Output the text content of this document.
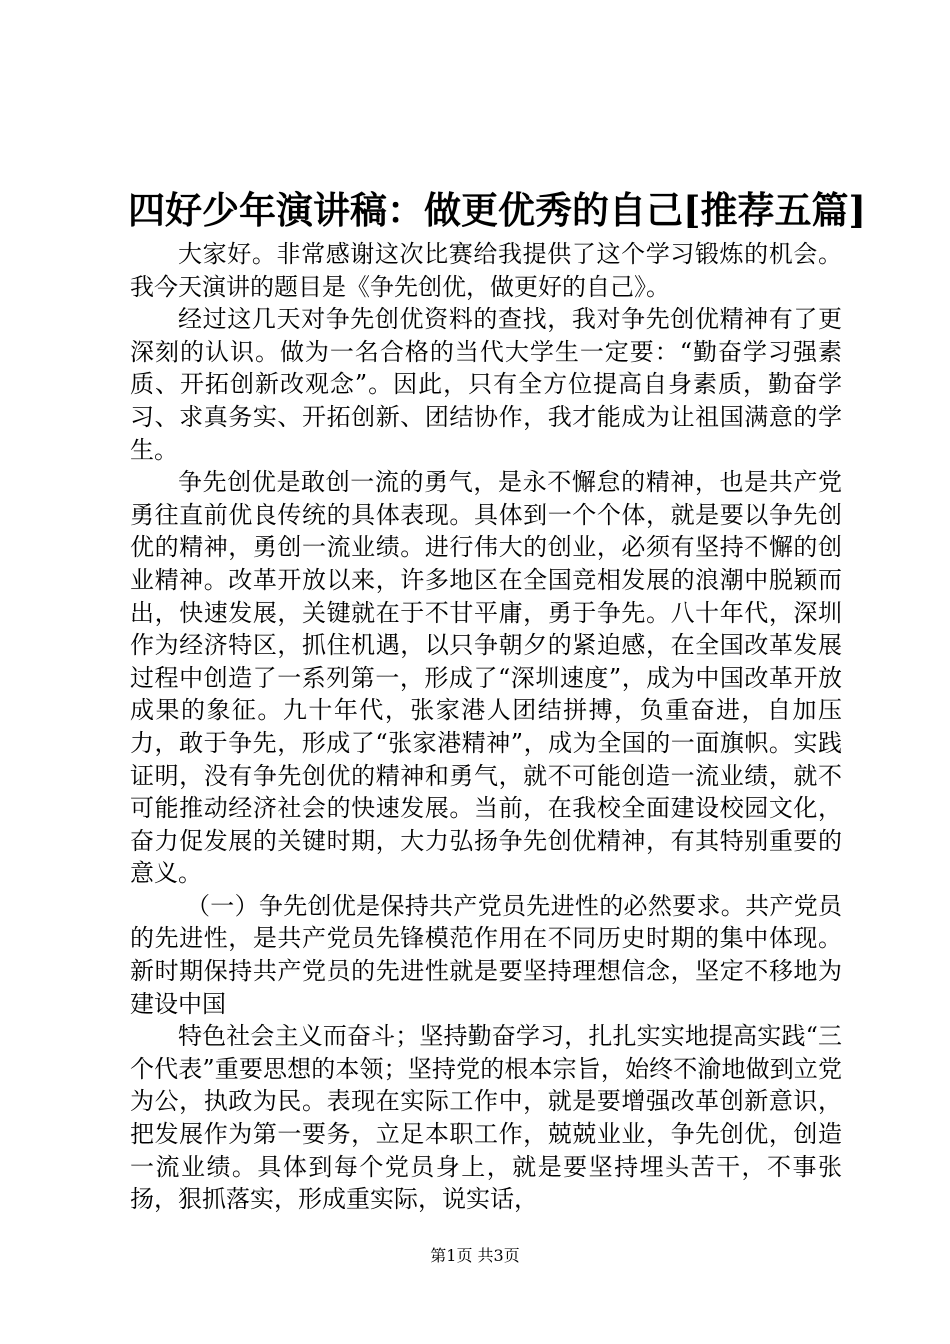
四好少年演讲稿：做更优秀的自己[推荐五篇]

大家好。非常感谢这次比赛给我提供了这个学习锻炼的机会。我今天演讲的题目是《争先创优，做更好的自己》。

经过这几天对争先创优资料的查找，我对争先创优精神有了更深刻的认识。做为一名合格的当代大学生一定要：“勤奋学习强素质、开拓创新改观念”。因此，只有全方位提高自身素质，勤奋学习、求真务实、开拓创新、团结协作，我才能成为让祖国满意的学生。

争先创优是敢创一流的勇气，是永不懈怠的精神，也是共产党勇往直前优良传统的具体表现。具体到一个个体，就是要以争先创优的精神，勇创一流业绩。进行伟大的创业，必须有坚持不懈的创业精神。改革开放以来，许多地区在全国竞相发展的浪潮中脱颖而出，快速发展，关键就在于不甘平庸，勇于争先。八十年代，深圳作为经济特区，抓住机遇，以只争朝夕的紧迫感，在全国改革发展过程中创造了一系列第一，形成了“深圳速度”，成为中国改革开放成果的象征。九十年代，张家港人团结拼搏，负重奋进，自加压力，敢于争先，形成了“张家港精神”，成为全国的一面旗帜。实践证明，没有争先创优的精神和勇气，就不可能创造一流业绩，就不可能推动经济社会的快速发展。当前，在我校全面建设校园文化，奋力促发展的关键时期，大力弘扬争先创优精神，有其特别重要的意义。

（一）争先创优是保持共产党员先进性的必然要求。共产党员的先进性，是共产党员先锋模范作用在不同历史时期的集中体现。新时期保持共产党员的先进性就是要坚持理想信念，坚定不移地为建设中国

特色社会主义而奋斗；坚持勤奋学习，扎扎实实地提高实践“三个代表”重要思想的本领；坚持党的根本宗旨，始终不渝地做到立党为公，执政为民。表现在实际工作中，就是要增强改革创新意识，把发展作为第一要务，立足本职工作，兢兢业业，争先创优，创造一流业绩。具体到每个党员身上，就是要坚持埋头苦干，不事张扬，狠抓落实，形成重实际，说实话，

第1页 共3页
